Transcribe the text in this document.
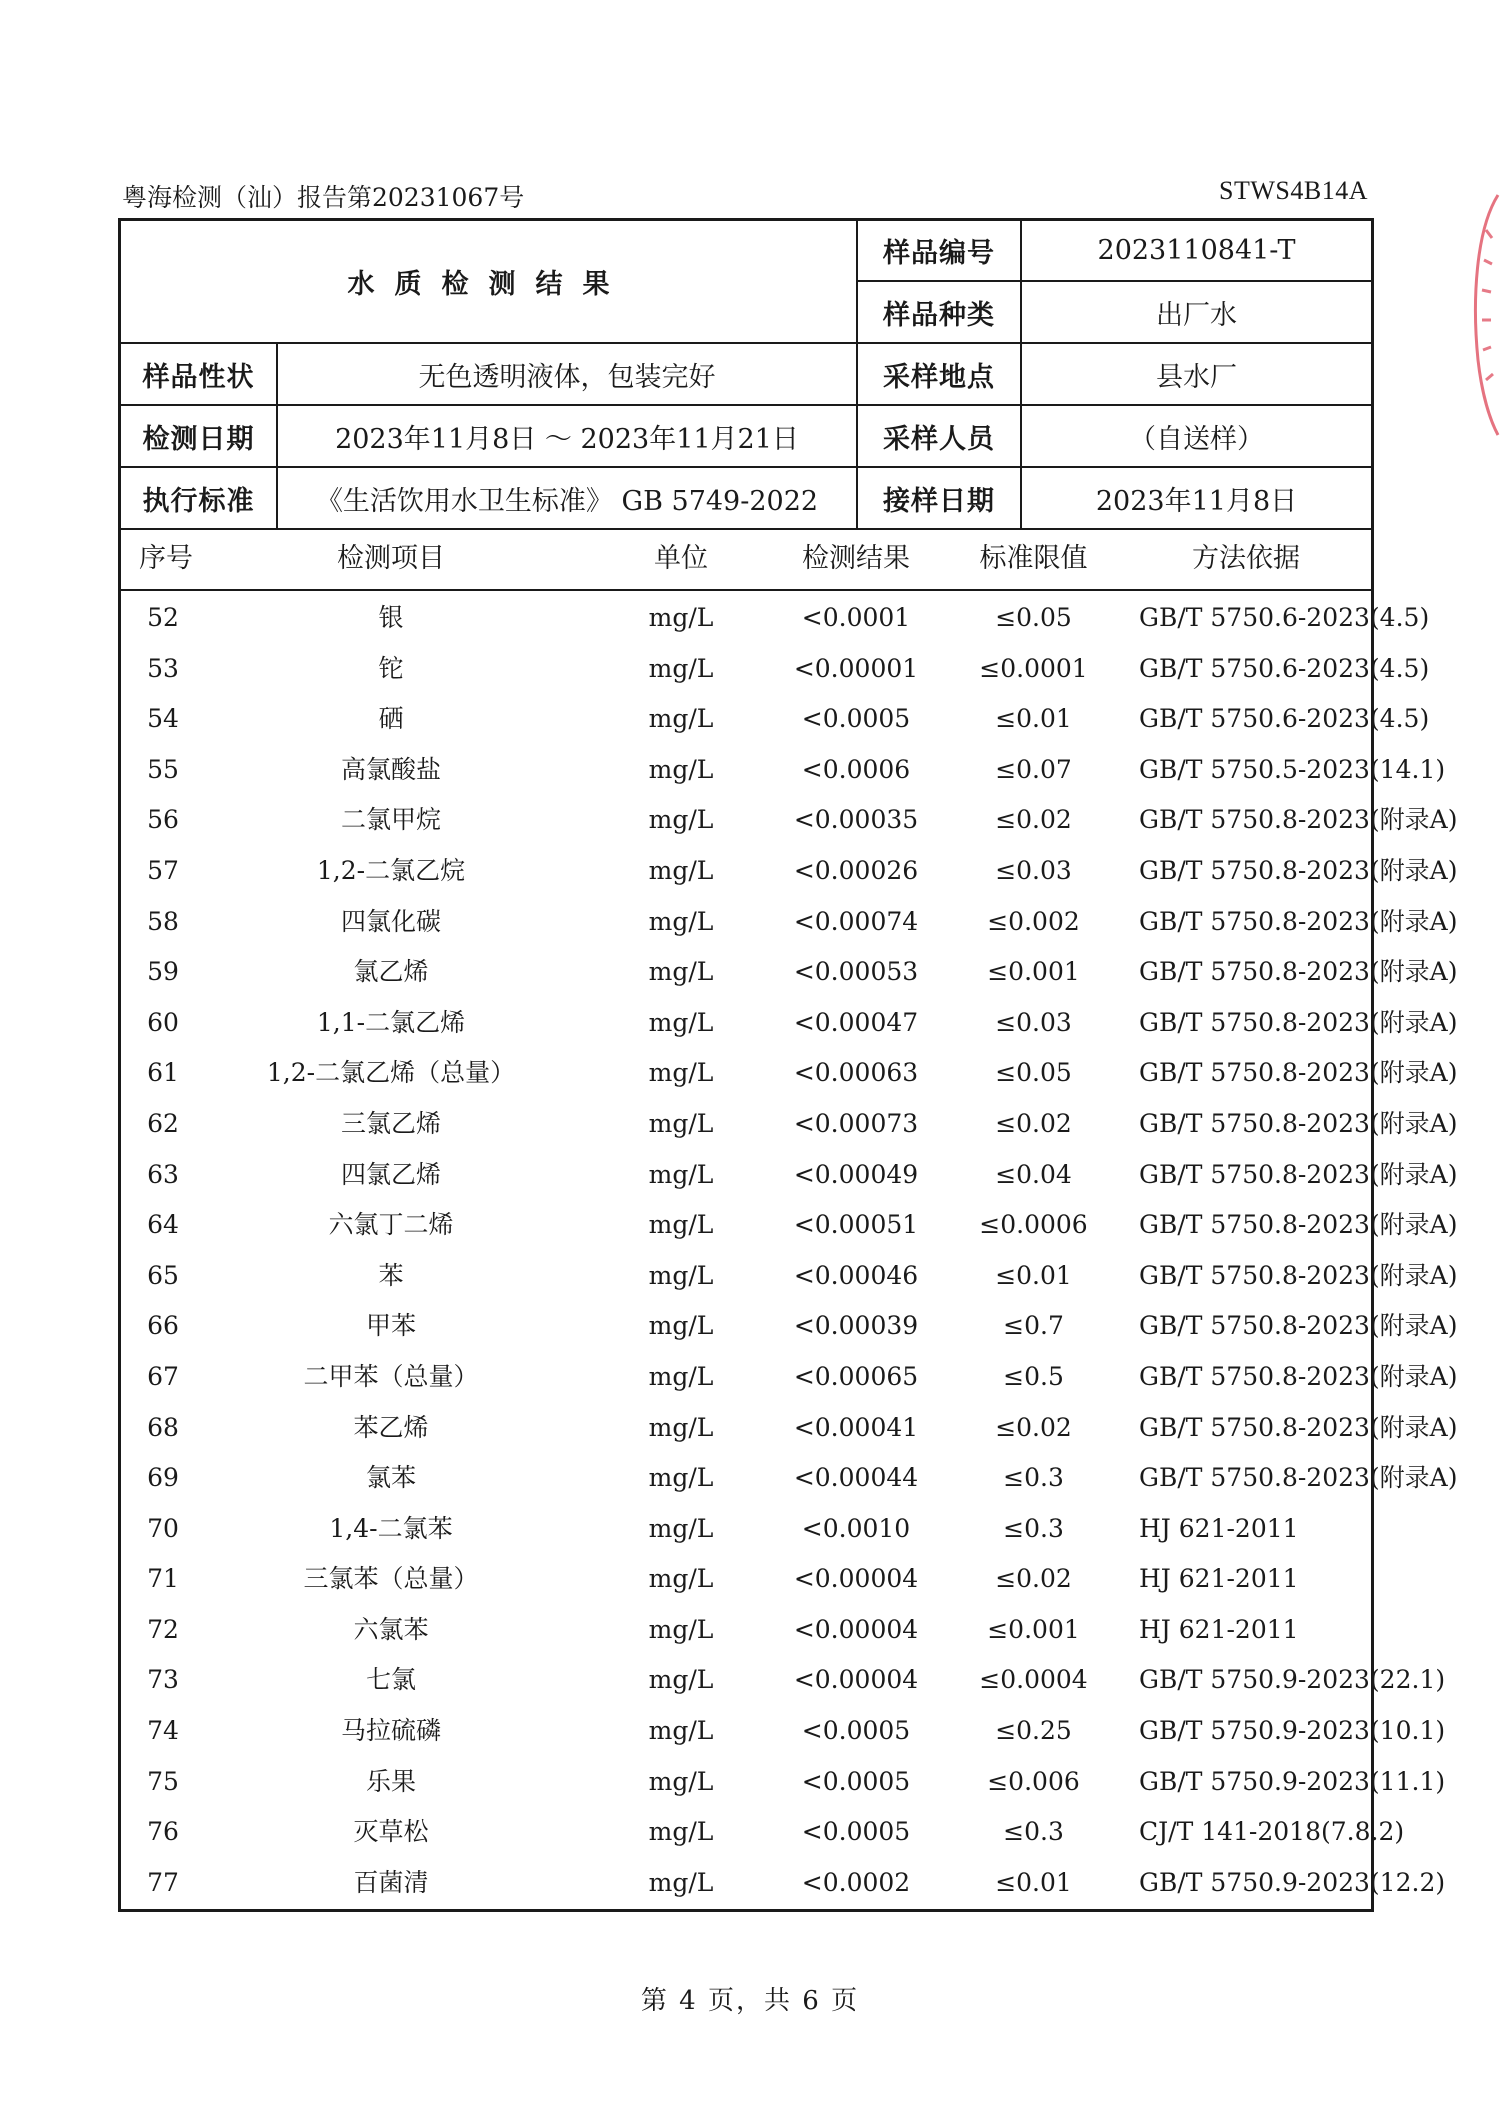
粤海检测（汕）报告第20231067号	STWS4B14A
水质检测结果		样品编号	2023110841-T
		样品种类	出厂水
样品性状	无色透明液体，包装完好	采样地点	县水厂
检测日期	2023年11月8日 ～ 2023年11月21日	采样人员	（自送样）
执行标准	《生活饮用水卫生标准》 GB 5749-2022	接样日期	2023年11月8日
序号	检测项目	单位	检测结果	标准限值	方法依据
52	银	mg/L	<0.0001	≤0.05	GB/T 5750.6-2023(4.5)
53	铊	mg/L	<0.00001	≤0.0001	GB/T 5750.6-2023(4.5)
54	硒	mg/L	<0.0005	≤0.01	GB/T 5750.6-2023(4.5)
55	高氯酸盐	mg/L	<0.0006	≤0.07	GB/T 5750.5-2023(14.1)
56	二氯甲烷	mg/L	<0.00035	≤0.02	GB/T 5750.8-2023(附录A)
57	1,2-二氯乙烷	mg/L	<0.00026	≤0.03	GB/T 5750.8-2023(附录A)
58	四氯化碳	mg/L	<0.00074	≤0.002	GB/T 5750.8-2023(附录A)
59	氯乙烯	mg/L	<0.00053	≤0.001	GB/T 5750.8-2023(附录A)
60	1,1-二氯乙烯	mg/L	<0.00047	≤0.03	GB/T 5750.8-2023(附录A)
61	1,2-二氯乙烯（总量）	mg/L	<0.00063	≤0.05	GB/T 5750.8-2023(附录A)
62	三氯乙烯	mg/L	<0.00073	≤0.02	GB/T 5750.8-2023(附录A)
63	四氯乙烯	mg/L	<0.00049	≤0.04	GB/T 5750.8-2023(附录A)
64	六氯丁二烯	mg/L	<0.00051	≤0.0006	GB/T 5750.8-2023(附录A)
65	苯	mg/L	<0.00046	≤0.01	GB/T 5750.8-2023(附录A)
66	甲苯	mg/L	<0.00039	≤0.7	GB/T 5750.8-2023(附录A)
67	二甲苯（总量）	mg/L	<0.00065	≤0.5	GB/T 5750.8-2023(附录A)
68	苯乙烯	mg/L	<0.00041	≤0.02	GB/T 5750.8-2023(附录A)
69	氯苯	mg/L	<0.00044	≤0.3	GB/T 5750.8-2023(附录A)
70	1,4-二氯苯	mg/L	<0.0010	≤0.3	HJ 621-2011
71	三氯苯（总量）	mg/L	<0.00004	≤0.02	HJ 621-2011
72	六氯苯	mg/L	<0.00004	≤0.001	HJ 621-2011
73	七氯	mg/L	<0.00004	≤0.0004	GB/T 5750.9-2023(22.1)
74	马拉硫磷	mg/L	<0.0005	≤0.25	GB/T 5750.9-2023(10.1)
75	乐果	mg/L	<0.0005	≤0.006	GB/T 5750.9-2023(11.1)
76	灭草松	mg/L	<0.0005	≤0.3	CJ/T 141-2018(7.8.2)
77	百菌清	mg/L	<0.0002	≤0.01	GB/T 5750.9-2023(12.2)
第 4 页，共 6 页
